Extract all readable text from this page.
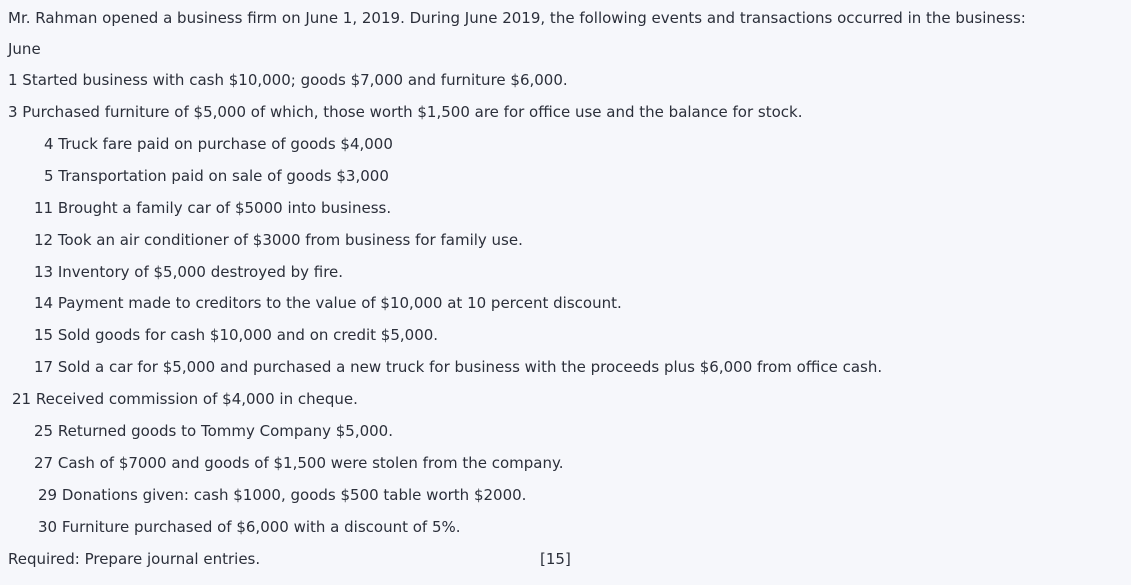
Mr. Rahman opened a business firm on June 1, 2019. During June 2019, the following events and transactions occurred in the business:
June
1 Started business with cash $10,000; goods $7,000 and furniture $6,000.
3 Purchased furniture of $5,000 of which, those worth $1,500 are for office use and the balance for stock.
4 Truck fare paid on purchase of goods $4,000
5 Transportation paid on sale of goods $3,000
11 Brought a family car of $5000 into business.
12 Took an air conditioner of $3000 from business for family use.
13 Inventory of $5,000 destroyed by fire.
14 Payment made to creditors to the value of $10,000 at 10 percent discount.
15 Sold goods for cash $10,000 and on credit $5,000.
17 Sold a car for $5,000 and purchased a new truck for business with the proceeds plus $6,000 from office cash.
21 Received commission of $4,000 in cheque.
25 Returned goods to Tommy Company $5,000.
27 Cash of $7000 and goods of $1,500 were stolen from the company.
29 Donations given: cash $1000, goods $500 table worth $2000.
30 Furniture purchased of $6,000 with a discount of 5%.
Required: Prepare journal entries.	[15]
